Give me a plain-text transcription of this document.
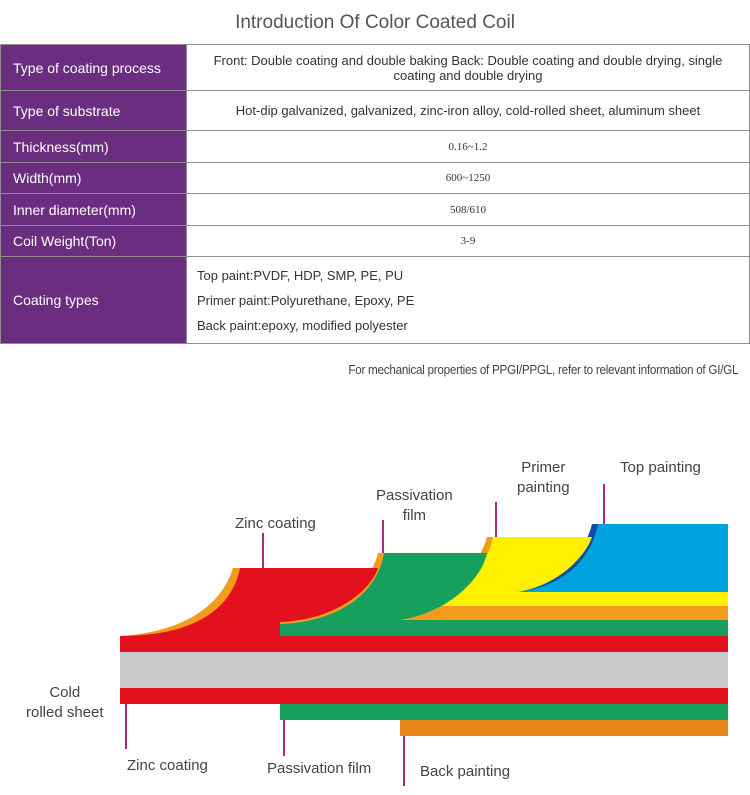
Introduction Of Color Coated Coil
Type of coating process	Front: Double coating and double baking Back: Double coating and double drying, single coating and double drying
Type of substrate	Hot-dip galvanized, galvanized, zinc-iron alloy, cold-rolled sheet, aluminum sheet
Thickness(mm)	0.16~1.2
Width(mm)	600~1250
Inner diameter(mm)	508/610
Coil Weight(Ton)	3-9
Coating types	Top paint:PVDF, HDP, SMP, PE, PU
Primer paint:Polyurethane, Epoxy, PE
Back paint:epoxy, modified polyester
For mechanical properties of PPGI/PPGL, refer to relevant information of GI/GL
Zinc coating
Passivation
film
Primer
painting
Top painting
Cold
rolled sheet
Zinc coating	Passivation film	Back painting
